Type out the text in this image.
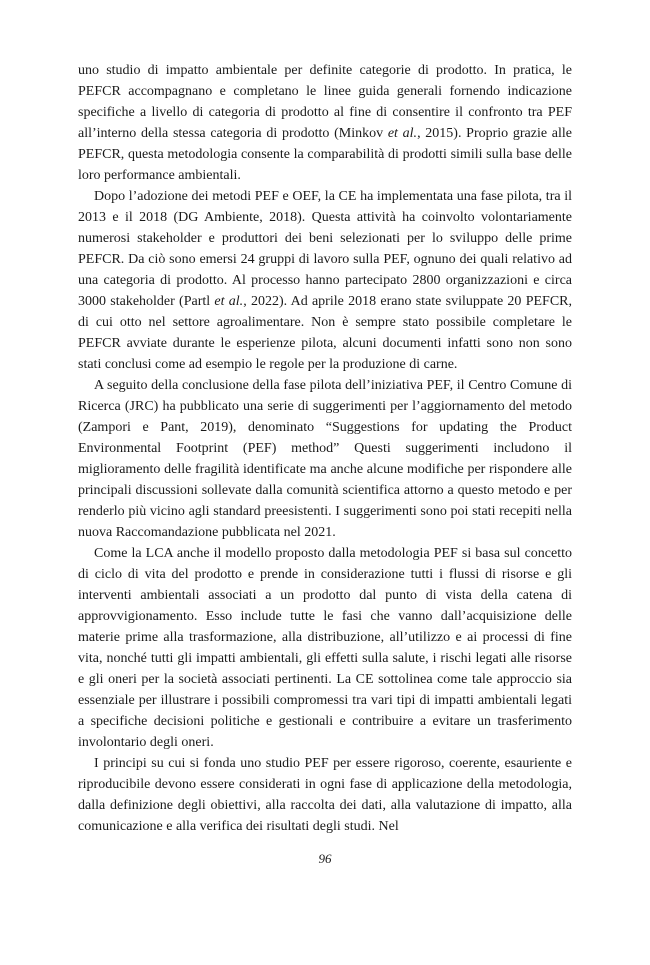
uno studio di impatto ambientale per definite categorie di prodotto. In pratica, le PEFCR accompagnano e completano le linee guida generali fornendo indicazione specifiche a livello di categoria di prodotto al fine di consentire il confronto tra PEF all’interno della stessa categoria di prodotto (Minkov et al., 2015). Proprio grazie alle PEFCR, questa metodologia consente la comparabilità di prodotti simili sulla base delle loro performance ambientali.

Dopo l’adozione dei metodi PEF e OEF, la CE ha implementata una fase pilota, tra il 2013 e il 2018 (DG Ambiente, 2018). Questa attività ha coinvolto volontariamente numerosi stakeholder e produttori dei beni selezionati per lo sviluppo delle prime PEFCR. Da ciò sono emersi 24 gruppi di lavoro sulla PEF, ognuno dei quali relativo ad una categoria di prodotto. Al processo hanno partecipato 2800 organizzazioni e circa 3000 stakeholder (Partl et al., 2022). Ad aprile 2018 erano state sviluppate 20 PEFCR, di cui otto nel settore agroalimentare. Non è sempre stato possibile completare le PEFCR avviate durante le esperienze pilota, alcuni documenti infatti sono non sono stati conclusi come ad esempio le regole per la produzione di carne.

A seguito della conclusione della fase pilota dell’iniziativa PEF, il Centro Comune di Ricerca (JRC) ha pubblicato una serie di suggerimenti per l’aggiornamento del metodo (Zampori e Pant, 2019), denominato “Suggestions for updating the Product Environmental Footprint (PEF) method” Questi suggerimenti includono il miglioramento delle fragilità identificate ma anche alcune modifiche per rispondere alle principali discussioni sollevate dalla comunità scientifica attorno a questo metodo e per renderlo più vicino agli standard preesistenti. I suggerimenti sono poi stati recepiti nella nuova Raccomandazione pubblicata nel 2021.

Come la LCA anche il modello proposto dalla metodologia PEF si basa sul concetto di ciclo di vita del prodotto e prende in considerazione tutti i flussi di risorse e gli interventi ambientali associati a un prodotto dal punto di vista della catena di approvvigionamento. Esso include tutte le fasi che vanno dall’acquisizione delle materie prime alla trasformazione, alla distribuzione, all’utilizzo e ai processi di fine vita, nonché tutti gli impatti ambientali, gli effetti sulla salute, i rischi legati alle risorse e gli oneri per la società associati pertinenti. La CE sottolinea come tale approccio sia essenziale per illustrare i possibili compromessi tra vari tipi di impatti ambientali legati a specifiche decisioni politiche e gestionali e contribuire a evitare un trasferimento involontario degli oneri.

I principi su cui si fonda uno studio PEF per essere rigoroso, coerente, esauriente e riproducibile devono essere considerati in ogni fase di applicazione della metodologia, dalla definizione degli obiettivi, alla raccolta dei dati, alla valutazione di impatto, alla comunicazione e alla verifica dei risultati degli studi. Nel

96
